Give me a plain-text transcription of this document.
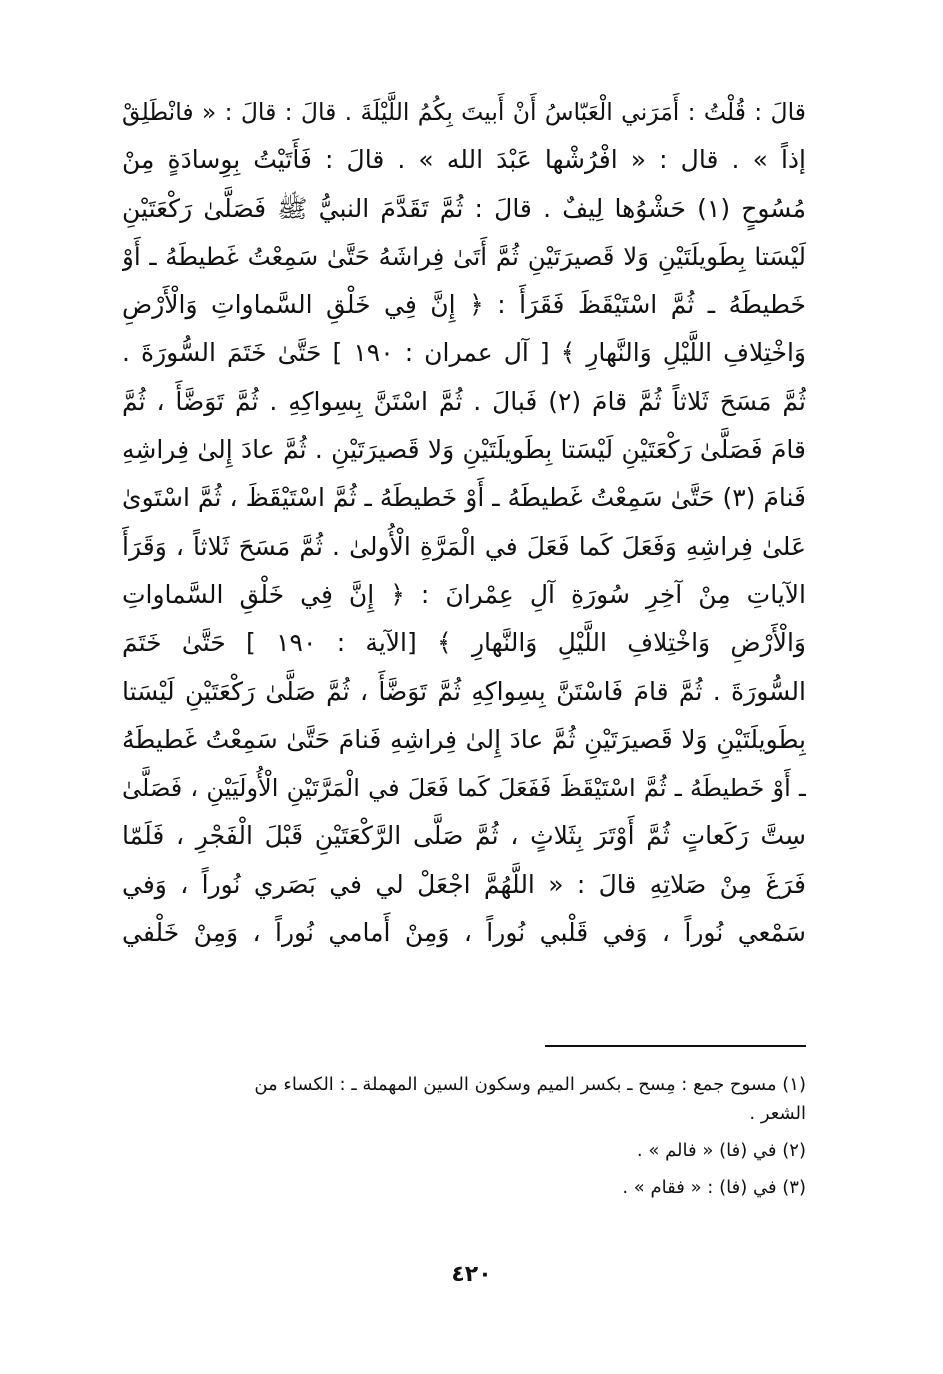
قالَ : قُلْتُ : أَمَرَني الْعَبّاسُ أَنْ أَبيتَ بِكُمُ اللَّيْلَةَ . قالَ : قالَ : « فانْطَلِقْ
إذاً » . قال : « افْرُشْها عَبْدَ الله » . قالَ : فَأَتَيْتُ بِوِسادَةٍ مِنْ
مُسُوحٍ (١) حَشْوُها لِيفٌ . قالَ : ثُمَّ تَقَدَّمَ النبيُّ ﷺ فَصَلَّىٰ رَكْعَتَيْنِ
لَيْسَتا بِطَويلَتَيْنِ وَلا قَصيرَتَيْنِ ثُمَّ أَتَىٰ فِراشَهُ حَتَّىٰ سَمِعْتُ غَطيطَهُ ـ أَوْ
خَطيطَهُ ـ ثُمَّ اسْتَيْقَظَ فَقَرَأَ : ﴿ إِنَّ فِي خَلْقِ السَّماواتِ وَالْأَرْضِ
وَاخْتِلافِ اللَّيْلِ وَالنَّهارِ ﴾ [ آل عمران : ١٩٠ ] حَتَّىٰ خَتَمَ السُّورَةَ .
ثُمَّ مَسَحَ ثَلاثاً ثُمَّ قامَ (٢) فَبالَ . ثُمَّ اسْتَنَّ بِسِواكِهِ . ثُمَّ تَوَضَّأَ ، ثُمَّ
قامَ فَصَلَّىٰ رَكْعَتَيْنِ لَيْسَتا بِطَويلَتَيْنِ وَلا قَصيرَتَيْنِ . ثُمَّ عادَ إِلىٰ فِراشِهِ
فَنامَ (٣) حَتَّىٰ سَمِعْتُ غَطيطَهُ ـ أَوْ خَطيطَهُ ـ ثُمَّ اسْتَيْقَظَ ، ثُمَّ اسْتَوىٰ
عَلىٰ فِراشِهِ وَفَعَلَ كَما فَعَلَ في الْمَرَّةِ الْأُولىٰ . ثُمَّ مَسَحَ ثَلاثاً ، وَقَرَأَ
الآياتِ مِنْ آخِرِ سُورَةِ آلِ عِمْرانَ : ﴿ إِنَّ فِي خَلْقِ السَّماواتِ
وَالْأَرْضِ وَاخْتِلافِ اللَّيْلِ وَالنَّهارِ ﴾ [الآية : ١٩٠ ] حَتَّىٰ خَتَمَ
السُّورَةَ . ثُمَّ قامَ فَاسْتَنَّ بِسِواكِهِ ثُمَّ تَوَضَّأَ ، ثُمَّ صَلَّىٰ رَكْعَتَيْنِ لَيْسَتا
بِطَويلَتَيْنِ وَلا قَصيرَتَيْنِ ثُمَّ عادَ إِلىٰ فِراشِهِ فَنامَ حَتَّىٰ سَمِعْتُ غَطيطَهُ
ـ أَوْ خَطيطَهُ ـ ثُمَّ اسْتَيْقَظَ فَفَعَلَ كَما فَعَلَ في الْمَرَّتَيْنِ الْأُولَيَيْنِ ، فَصَلَّىٰ
سِتَّ رَكَعاتٍ ثُمَّ أَوْتَرَ بِثَلاثٍ ، ثُمَّ صَلَّى الرَّكْعَتَيْنِ قَبْلَ الْفَجْرِ ، فَلَمّا
فَرَغَ مِنْ صَلاتِهِ قالَ : « اللَّهُمَّ اجْعَلْ لي في بَصَري نُوراً ، وَفي
سَمْعي نُوراً ، وَفي قَلْبي نُوراً ، وَمِنْ أَمامي نُوراً ، وَمِنْ خَلْفي
(١) مسوح جمع : مِسح ـ بكسر الميم وسكون السين المهملة ـ : الكساء من
الشعر .
(٢) في (فا) « فالم » .
(٣) في (فا) : « فقام » .
٤٢٠
